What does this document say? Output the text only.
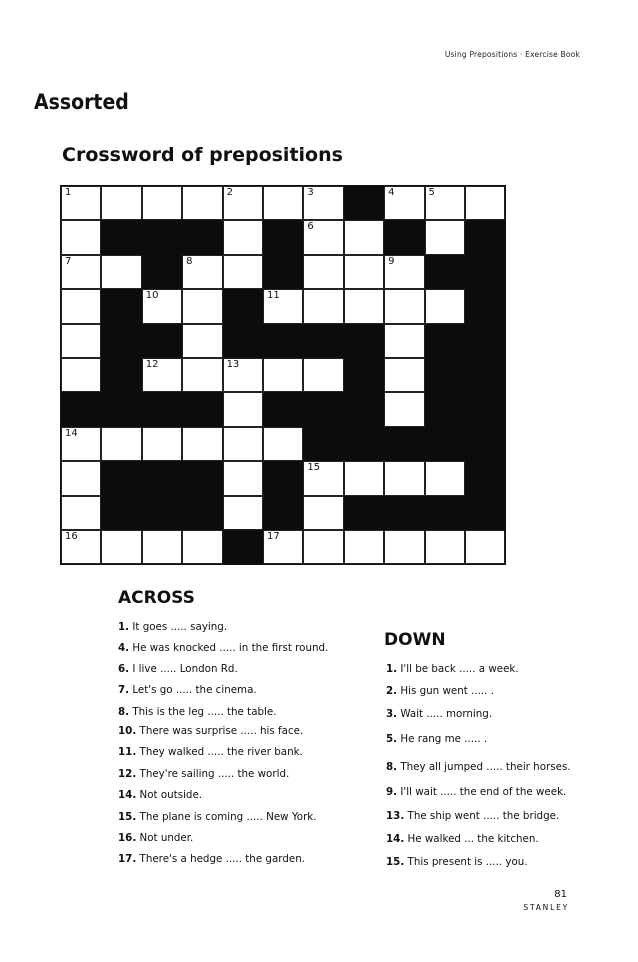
Using Prepositions · Exercise Book
Assorted
Crossword of prepositions
1	2	3	4	5
6
7	8	9
10	11
12	13
14
15
16	17
ACROSS
1. It goes ..... saying.
4. He was knocked ..... in the first round.
6. I live ..... London Rd.
7. Let's go ..... the cinema.
8. This is the leg ..... the table.
10. There was surprise ..... his face.
11. They walked ..... the river bank.
12. They're sailing ..... the world.
14. Not outside.
15. The plane is coming ..... New York.
16. Not under.
17. There's a hedge ..... the garden.
DOWN
1. I'll be back ..... a week.
2. His gun went ..... .
3. Wait ..... morning.
5. He rang me ..... .
8. They all jumped ..... their horses.
9. I'll wait ..... the end of the week.
13. The ship went ..... the bridge.
14. He walked ... the kitchen.
15. This present is ..... you.
81
STANLEY
